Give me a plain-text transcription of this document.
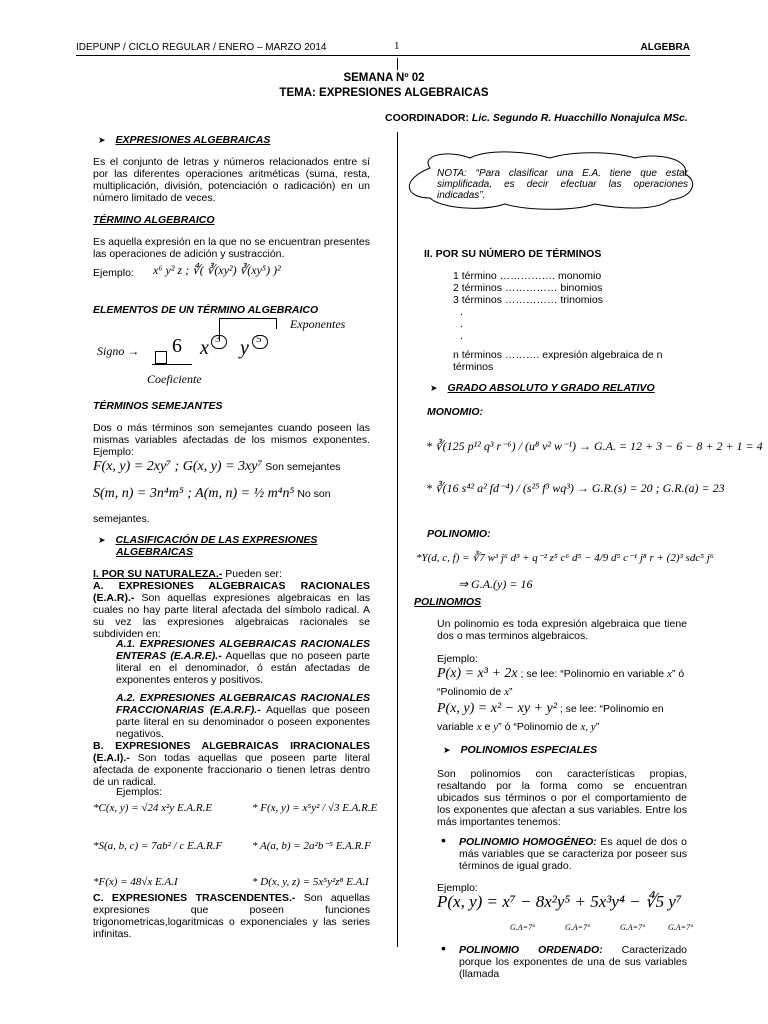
IDEPUNP / CICLO REGULAR / ENERO – MARZO 2014	1	ALGEBRA
SEMANA Nº 02
TEMA: EXPRESIONES ALGEBRAICAS
COORDINADOR: Lic. Segundo R. Huacchillo Nonajulca MSc.
➤ EXPRESIONES ALGEBRAICAS
Es el conjunto de letras y números relacionados entre sí por las diferentes operaciones aritméticas (suma, resta, multiplicación, división, potenciación o radicación) en un número limitado de veces.
TÉRMINO ALGEBRAICO
Es aquella expresión en la que no se encuentran presentes las operaciones de adición y sustracción.
Ejemplo: x⁶ y² z ; ∜( ∛(xy²) ∛(xy⁵) )²
ELEMENTOS DE UN TÉRMINO ALGEBRAICO
Exponentes
Signo → 6 x 3 y 5
Coeficiente
TÉRMINOS SEMEJANTES
Dos o más términos son semejantes cuando poseen las mismas variables afectadas de los mismos exponentes. Ejemplo:
F(x, y) = 2xy⁷ ; G(x, y) = 3xy⁷ Son semejantes
S(m, n) = 3n⁴m⁵ ; A(m, n) = ½ m⁴n⁵ No son
semejantes.
➤ CLASIFICACIÓN DE LAS EXPRESIONES
ALGEBRAICAS
I. POR SU NATURALEZA.- Pueden ser:
A. EXPRESIONES ALGEBRAICAS RACIONALES (E.A.R).- Son aquellas expresiones algebraicas en las cuales no hay parte literal afectada del símbolo radical. A su vez las expresiones algebraicas racionales se subdividen en:
A.1. EXPRESIONES ALGEBRAICAS RACIONALES ENTERAS (E.A.R.E).- Aquellas que no poseen parte literal en el denominador, ó están afectadas de exponentes enteros y positivos.
A.2. EXPRESIONES ALGEBRAICAS RACIONALES FRACCIONARIAS (E.A.R.F).- Aquellas que poseen parte literal en su denominador o poseen exponentes negativos.
B. EXPRESIONES ALGEBRAICAS IRRACIONALES (E.A.I).- Son todas aquellas que poseen parte literal afectada de exponente fraccionario o tienen letras dentro de un radical.
Ejemplos:
*C(x, y) = √24 x²y E.A.R.E	* F(x, y) = x⁵y² / √3 E.A.R.E
*S(a, b, c) = 7ab² / c E.A.R.F	* A(a, b) = 2a²b⁻⁵ E.A.R.F
*F(x) = 48√x E.A.I	* D(x, y, z) = 5x⁵y²z⁸ E.A.I
C. EXPRESIONES TRASCENDENTES.- Son aquellas expresiones que poseen funciones trigonometricas,logaritmicas o exponenciales y las series infinitas.
NOTA: “Para clasificar una E.A. tiene que estar simplificada, es decir efectuar las operaciones indicadas”.
II. POR SU NÚMERO DE TÉRMINOS
1 término ……………. monomio
2 términos …………… binomios
3 términos …………… trinomios
.
.
.
n términos ………. expresión algebraica de n términos
➤ GRADO ABSOLUTO Y GRADO RELATIVO
MONOMIO:
* ∛(125 p¹² q³ r⁻⁶) / (u⁸ v² w⁻¹) → G.A. = 12 + 3 − 6 − 8 + 2 + 1 = 4
* ∛(16 s⁴² a² fd⁻⁴) / (s²⁵ f³ wq³) → G.R.(s) = 20 ; G.R.(a) = 23
POLINOMIO:
*Y(d, c, f) = ∛7 w³ j⁶ d³ + q⁻² z⁵ c⁶ d⁵ − 4/9 d⁵ c⁻¹ j⁸ r + (2)³ sdc⁵ j⁶
⇒ G.A.(y) = 16
POLINOMIOS
Un polinomio es toda expresión algebraica que tiene dos o mas terminos algebraicos.
Ejemplo:
P(x) = x³ + 2x ; se lee: “Polinomio en variable x” ó
“Polinomio de x”
P(x, y) = x² − xy + y² ; se lee: “Polinomio en
variable x e y” ó “Polinomio de x, y”
➤ POLINOMIOS ESPECIALES
Son polinomios con características propias, resaltando por la forma como se encuentran ubicados sus términos o por el comportamiento de los exponentes que afectan a sus variables. Entre los más importantes tenemos:
• POLINOMIO HOMOGÉNEO: Es aquel de dos o más variables que se caracteriza por poseer sus términos de igual grado.
Ejemplo:
P(x, y) = x⁷ − 8x²y⁵ + 5x³y⁴ − ∜5 y⁷
G.A=7°	G.A=7°	G.A=7°	G.A=7°
• POLINOMIO ORDENADO: Caracterizado porque los exponentes de una de sus variables (llamada
